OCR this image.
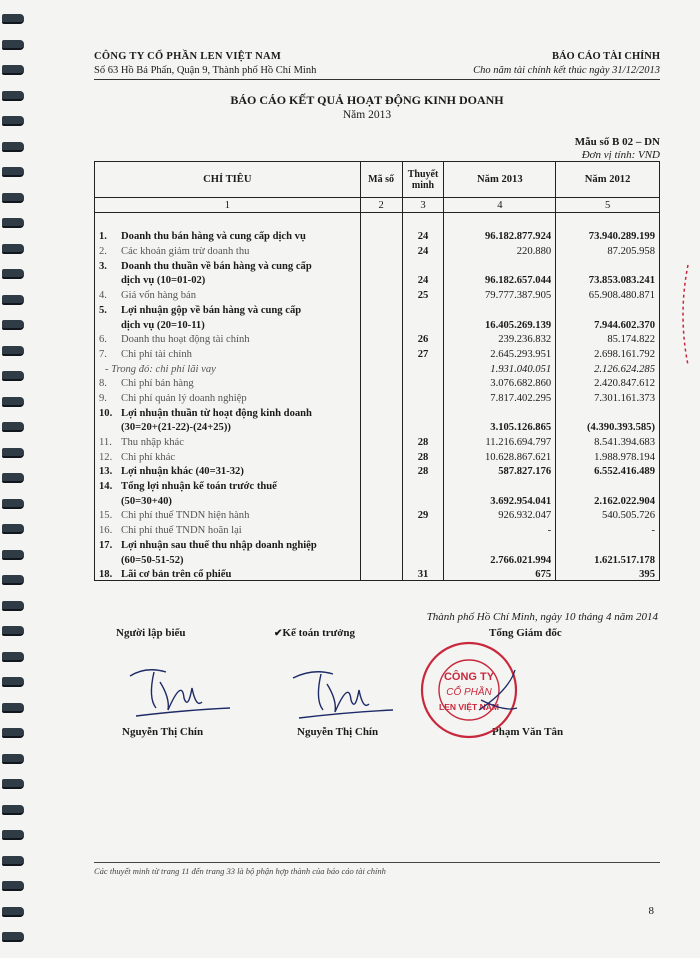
CÔNG TY CỔ PHẦN LEN VIỆT NAM
Số 63 Hồ Bá Phấn, Quận 9, Thành phố Hồ Chí Minh
BÁO CÁO TÀI CHÍNH
Cho năm tài chính kết thúc ngày 31/12/2013
BÁO CÁO KẾT QUẢ HOẠT ĐỘNG KINH DOANH
Năm 2013
Mẫu số B 02 – DN
Đơn vị tính: VND
CHỈ TIÊU	Mã số	Thuyết minh	Năm 2013	Năm 2012
1	2	3	4	5

1. Doanh thu bán hàng và cung cấp dịch vụ		24	96.182.877.924	73.940.289.199
2. Các khoản giảm trừ doanh thu		24	220.880	87.205.958
3. Doanh thu thuần về bán hàng và cung cấp				
dịch vụ (10=01-02)		24	96.182.657.044	73.853.083.241
4. Giá vốn hàng bán		25	79.777.387.905	65.908.480.871
5. Lợi nhuận gộp về bán hàng và cung cấp				
dịch vụ (20=10-11)			16.405.269.139	7.944.602.370
6. Doanh thu hoạt động tài chính		26	239.236.832	85.174.822
7. Chi phí tài chính		27	2.645.293.951	2.698.161.792
- Trong đó: chi phí lãi vay			1.931.040.051	2.126.624.285
8. Chi phí bán hàng			3.076.682.860	2.420.847.612
9. Chi phí quản lý doanh nghiệp			7.817.402.295	7.301.161.373
10. Lợi nhuận thuần từ hoạt động kinh doanh				
(30=20+(21-22)-(24+25))			3.105.126.865	(4.390.393.585)
11. Thu nhập khác		28	11.216.694.797	8.541.394.683
12. Chi phí khác		28	10.628.867.621	1.988.978.194
13. Lợi nhuận khác (40=31-32)		28	587.827.176	6.552.416.489
14. Tổng lợi nhuận kế toán trước thuế				
(50=30+40)			3.692.954.041	2.162.022.904
15. Chi phí thuế TNDN hiện hành		29	926.932.047	540.505.726
16. Chi phí thuế TNDN hoãn lại			-	-
17. Lợi nhuận sau thuế thu nhập doanh nghiệp				
(60=50-51-52)			2.766.021.994	1.621.517.178
18. Lãi cơ bản trên cổ phiếu		31	675	395
Thành phố Hồ Chí Minh, ngày 10 tháng 4 năm 2014
Người lập biểu	✔Kế toán trưởng	Tổng Giám đốc
Nguyễn Thị Chín	Nguyễn Thị Chín	Phạm Văn Tân
CÔNG TY
CỔ PHẦN
LEN VIỆT NAM
Các thuyết minh từ trang 11 đến trang 33 là bộ phận hợp thành của báo cáo tài chính
8
